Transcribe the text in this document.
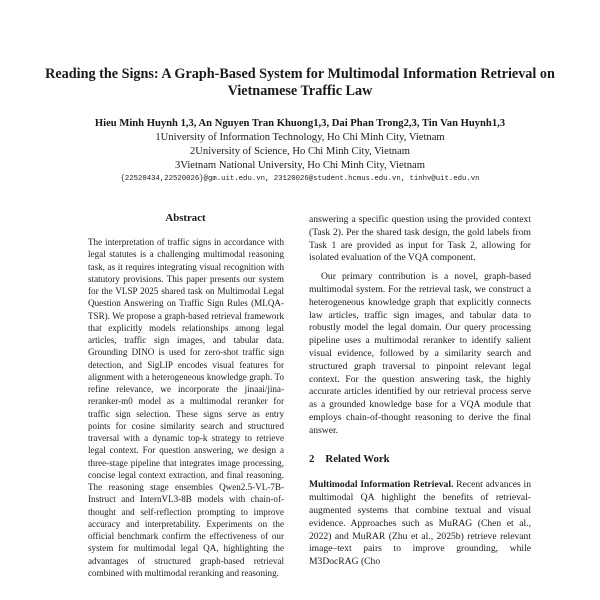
Reading the Signs: A Graph-Based System for Multimodal Information Retrieval on Vietnamese Traffic Law
Hieu Minh Huynh 1,3, An Nguyen Tran Khuong1,3, Dai Phan Trong2,3, Tin Van Huynh1,3
1University of Information Technology, Ho Chi Minh City, Vietnam
2University of Science, Ho Chi Minh City, Vietnam
3Vietnam National University, Ho Chi Minh City, Vietnam
{22520434,22520026}@gm.uit.edu.vn, 23120026@student.hcmus.edu.vn, tinhv@uit.edu.vn
Abstract

The interpretation of traffic signs in accordance with legal statutes is a challenging multimodal reasoning task, as it requires integrating visual recognition with statutory provisions. This paper presents our system for the VLSP 2025 shared task on Multimodal Legal Question Answering on Traffic Sign Rules (MLQA-TSR). We propose a graph-based retrieval framework that explicitly models relationships among legal articles, traffic sign images, and tabular data. Grounding DINO is used for zero-shot traffic sign detection, and SigLIP encodes visual features for alignment with a heterogeneous knowledge graph. To refine relevance, we incorporate the jinaai/jina-reranker-m0 model as a multimodal reranker for traffic sign selection. These signs serve as entry points for cosine similarity search and structured traversal with a dynamic top-k strategy to retrieve legal context. For question answering, we design a three-stage pipeline that integrates image processing, concise legal context extraction, and final reasoning. The reasoning stage ensembles Qwen2.5-VL-7B-Instruct and InternVL3-8B models with chain-of-thought and self-reflection prompting to improve accuracy and interpretability. Experiments on the official benchmark confirm the effectiveness of our system for multimodal legal QA, highlighting the advantages of structured graph-based retrieval combined with multimodal reranking and reasoning.

answering a specific question using the provided context (Task 2). Per the shared task design, the gold labels from Task 1 are provided as input for Task 2, allowing for isolated evaluation of the VQA component.

Our primary contribution is a novel, graph-based multimodal system. For the retrieval task, we construct a heterogeneous knowledge graph that explicitly connects law articles, traffic sign images, and tabular data to robustly model the legal domain. Our query processing pipeline uses a multimodal reranker to identify salient visual evidence, followed by a similarity search and structured graph traversal to pinpoint relevant legal context. For the question answering task, the highly accurate articles identified by our retrieval process serve as a grounded knowledge base for a VQA module that employs chain-of-thought reasoning to derive the final answer.

2 Related Work

Multimodal Information Retrieval. Recent advances in multimodal QA highlight the benefits of retrieval-augmented systems that combine textual and visual evidence. Approaches such as MuRAG (Chen et al., 2022) and MuRAR (Zhu et al., 2025b) retrieve relevant image–text pairs to improve grounding, while M3DocRAG (Cho
